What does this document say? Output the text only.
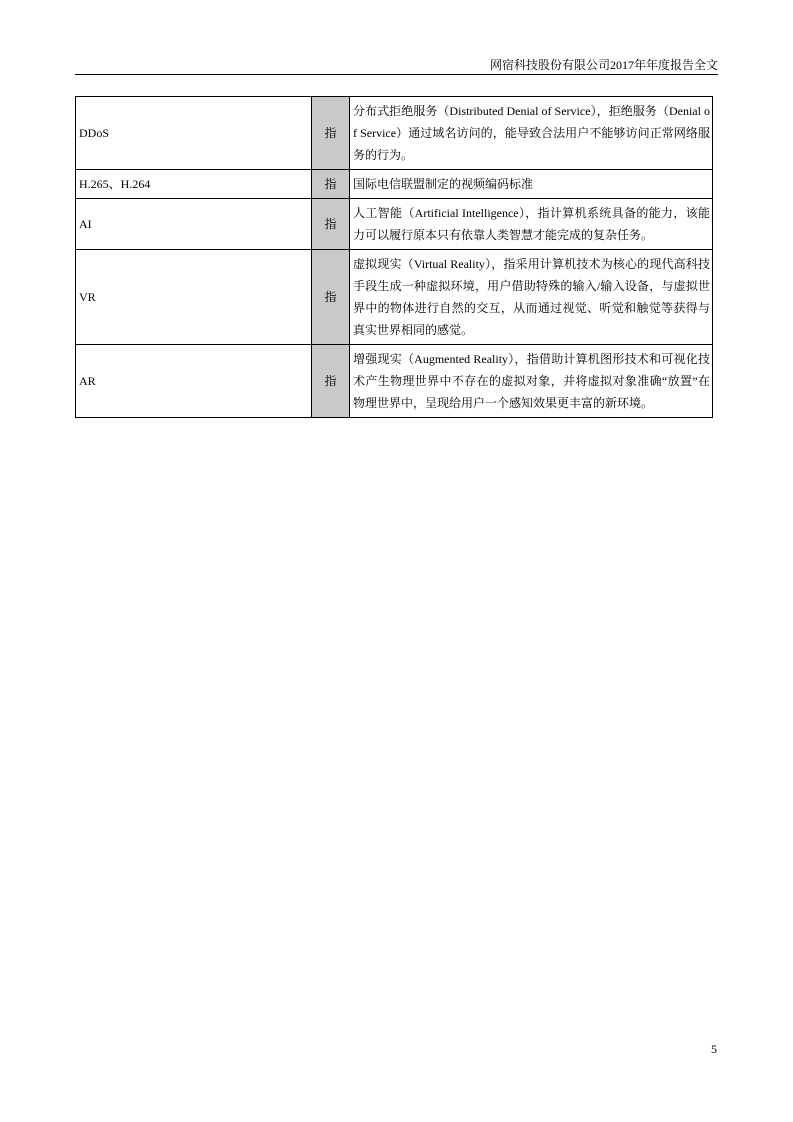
网宿科技股份有限公司2017年年度报告全文
DDoS	指	分布式拒绝服务（Distributed Denial of Service），拒绝服务（Denial of Service）通过域名访问的，能导致合法用户不能够访问正常网络服务的行为。
H.265、H.264	指	国际电信联盟制定的视频编码标准
AI	指	人工智能（Artificial Intelligence），指计算机系统具备的能力，该能力可以履行原本只有依靠人类智慧才能完成的复杂任务。
VR	指	虚拟现实（Virtual Reality），指采用计算机技术为核心的现代高科技手段生成一种虚拟环境，用户借助特殊的输入/输入设备，与虚拟世界中的物体进行自然的交互，从而通过视觉、听觉和触觉等获得与真实世界相同的感觉。
AR	指	增强现实（Augmented Reality），指借助计算机图形技术和可视化技术产生物理世界中不存在的虚拟对象，并将虚拟对象准确“放置”在物理世界中，呈现给用户一个感知效果更丰富的新环境。
5
